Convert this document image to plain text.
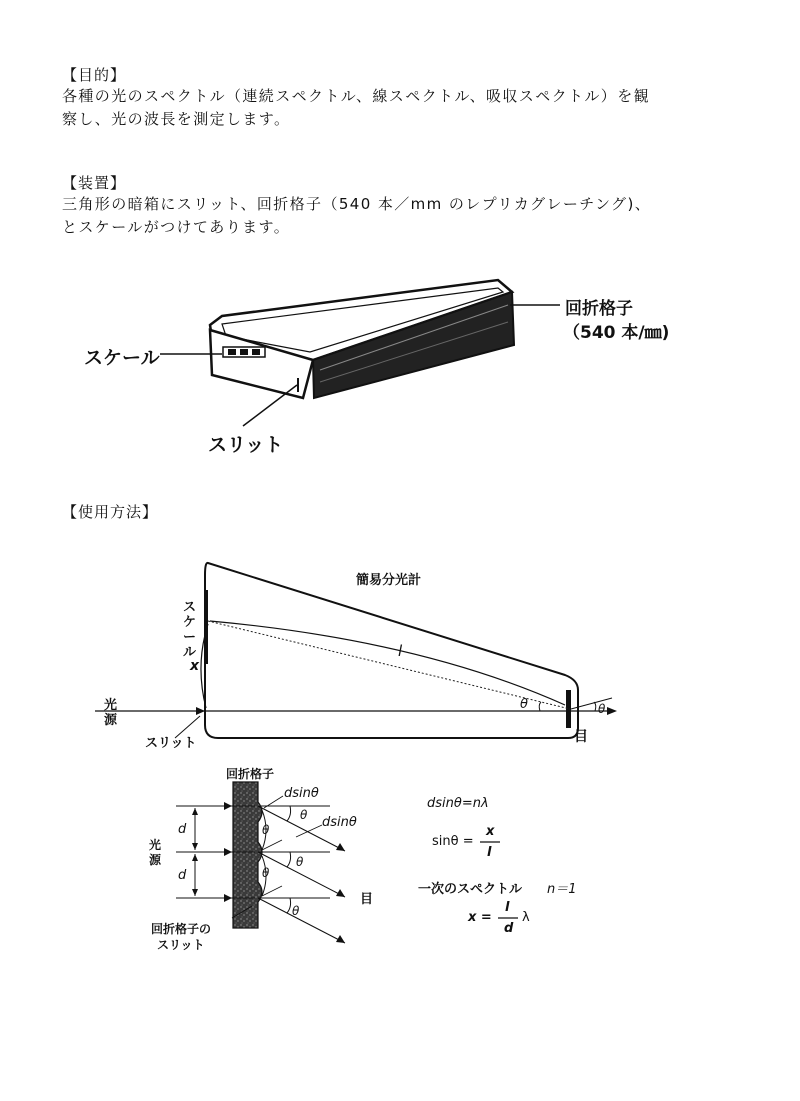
【目的】
各種の光のスペクトル（連続スペクトル、線スペクトル、吸収スペクトル）を観
察し、光の波長を測定します。
【装置】
三角形の暗箱にスリット、回折格子（540 本／mm のレプリカグレーチング)、
とスケールがつけてあります。
回折格子
（540 本/㎜)
スケール
スリット
【使用方法】
簡易分光計
ス
ケ
ー
ル
x
l
θ	θ
光
源
スリット	目
回折格子
dsinθ
dsinθ
θ
θ
θ
θ
θ
d
d
光
源
目
回折格子の
スリット
dsinθ=nλ
sinθ =
x
l
一次のスペクトル n＝1
x =
l
d
λ
